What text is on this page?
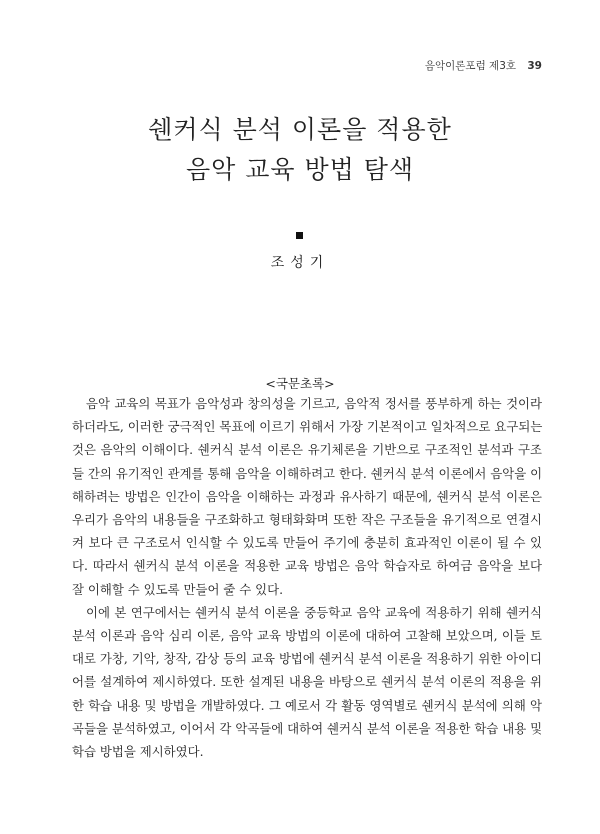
음악이론포럼 제3호 39
쉔커식 분석 이론을 적용한
음악 교육 방법 탐색
조성기
<국문초록>
음악 교육의 목표가 음악성과 창의성을 기르고, 음악적 정서를 풍부하게 하는 것이라
하더라도, 이러한 궁극적인 목표에 이르기 위해서 가장 기본적이고 일차적으로 요구되는
것은 음악의 이해이다. 쉔커식 분석 이론은 유기체론을 기반으로 구조적인 분석과 구조
들 간의 유기적인 관계를 통해 음악을 이해하려고 한다. 쉔커식 분석 이론에서 음악을 이
해하려는 방법은 인간이 음악을 이해하는 과정과 유사하기 때문에, 쉔커식 분석 이론은
우리가 음악의 내용들을 구조화하고 형태화화며 또한 작은 구조들을 유기적으로 연결시
켜 보다 큰 구조로서 인식할 수 있도록 만들어 주기에 충분히 효과적인 이론이 될 수 있
다. 따라서 쉔커식 분석 이론을 적용한 교육 방법은 음악 학습자로 하여금 음악을 보다
잘 이해할 수 있도록 만들어 줄 수 있다.
이에 본 연구에서는 쉔커식 분석 이론을 중등학교 음악 교육에 적용하기 위해 쉔커식
분석 이론과 음악 심리 이론, 음악 교육 방법의 이론에 대하여 고찰해 보았으며, 이들 토
대로 가창, 기악, 창작, 감상 등의 교육 방법에 쉔커식 분석 이론을 적용하기 위한 아이디
어를 설계하여 제시하였다. 또한 설계된 내용을 바탕으로 쉔커식 분석 이론의 적용을 위
한 학습 내용 및 방법을 개발하였다. 그 예로서 각 활동 영역별로 쉔커식 분석에 의해 악
곡들을 분석하였고, 이어서 각 악곡들에 대하여 쉔커식 분석 이론을 적용한 학습 내용 및
학습 방법을 제시하였다.
